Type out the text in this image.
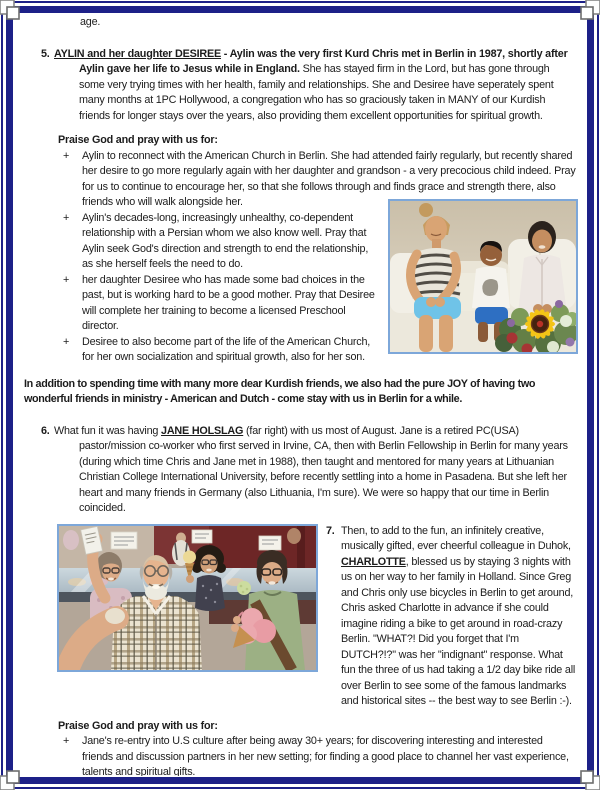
age.
5. AYLIN and her daughter DESIREE - Aylin was the very first Kurd Chris met in Berlin in 1987, shortly after Aylin gave her life to Jesus while in England. She has stayed firm in the Lord, but has gone through some very trying times with her health, family and relationships. She and Desiree have seperately spent many months at 1PC Hollywood, a congregation who has so graciously taken in MANY of our Kurdish friends for longer stays over the years, also providing them excellent opportunities for spiritual growth.
Praise God and pray with us for:
+ Aylin to reconnect with the American Church in Berlin. She had attended fairly regularly, but recently shared her desire to go more regularly again with her daughter and grandson - a very precocious child indeed. Pray for us to continue to encourage her, so that she follows through and finds grace and strength there, also friends who will walk alongside her.
+ Aylin's decades-long, increasingly unhealthy, co-dependent relationship with a Persian whom we also know well. Pray that Aylin seek God's direction and strength to end the relationship, as she herself feels the need to do.
+ her daughter Desiree who has made some bad choices in the past, but is working hard to be a good mother. Pray that Desiree will complete her training to become a licensed Preschool director.
+ Desiree to also become part of the life of the American Church, for her own socialization and spiritual growth, also for her son.
In addition to spending time with many more dear Kurdish friends, we also had the pure JOY of having two wonderful friends in ministry - American and Dutch - come stay with us in Berlin for a while.
6. What fun it was having JANE HOLSLAG (far right) with us most of August. Jane is a retired PC(USA) pastor/mission co-worker who first served in Irvine, CA, then with Berlin Fellowship in Berlin for many years (during which time Chris and Jane met in 1988), then taught and mentored for many years at Lithuanian Christian College International University, before recently settling into a home in Pasadena. But she left her heart and many friends in Germany (also Lithuania, I'm sure). We were so happy that our time in Berlin coincided.
7. Then, to add to the fun, an infinitely creative, musically gifted, ever cheerful colleague in Duhok, CHARLOTTE, blessed us by staying 3 nights with us on her way to her family in Holland. Since Greg and Chris only use bicycles in Berlin to get around, Chris asked Charlotte in advance if she could imagine riding a bike to get around in road-crazy Berlin. "WHAT?! Did you forget that I'm DUTCH?!?" was her "indignant" response. What fun the three of us had taking a 1/2 day bike ride all over Berlin to see some of the famous landmarks and historical sites -- the best way to see Berlin :-).
Praise God and pray with us for:
+ Jane's re-entry into U.S culture after being away 30+ years; for discovering interesting and interested friends and discussion partners in her new setting; for finding a good place to channel her vast experience, talents and spiritual gifts.
